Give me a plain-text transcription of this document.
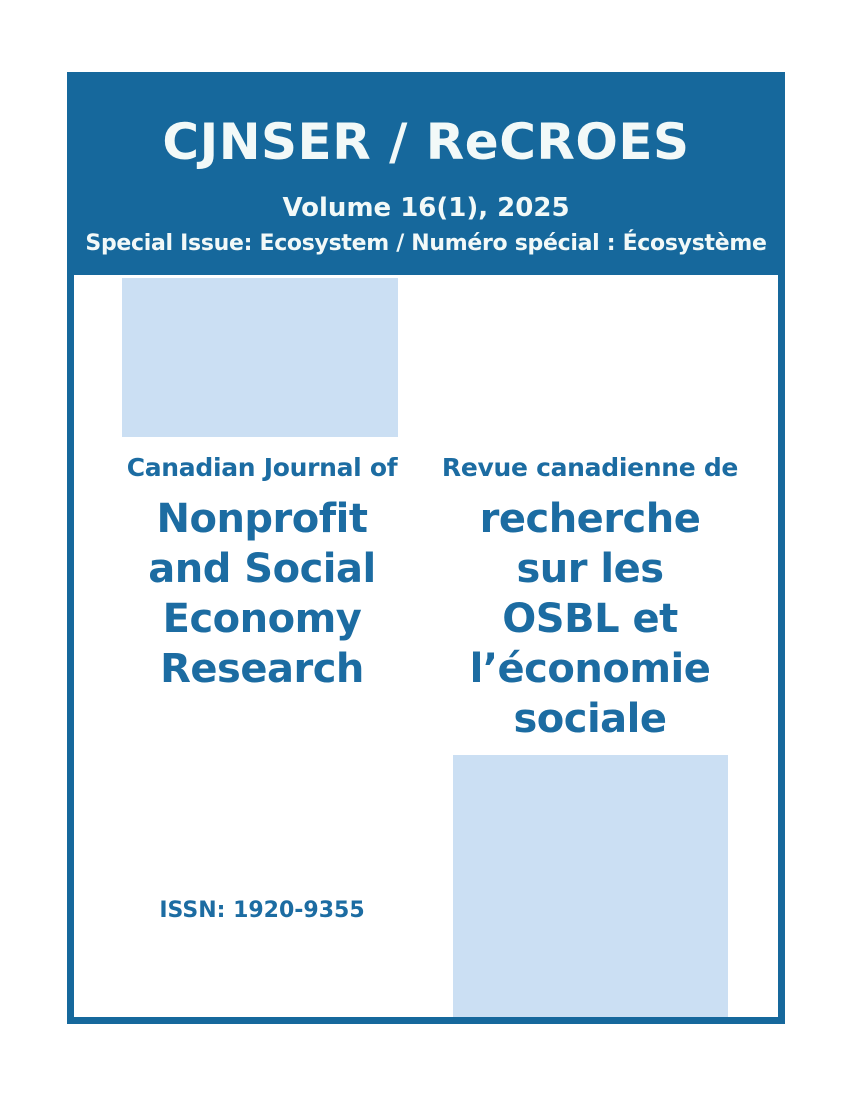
CJNSER / ReCROES
Volume 16(1), 2025
Special Issue: Ecosystem / Numéro spécial : Écosystème
Canadian Journal of
Nonprofit
and Social
Economy
Research
Revue canadienne de
recherche
sur les
OSBL et
l’économie
sociale
ISSN: 1920-9355
